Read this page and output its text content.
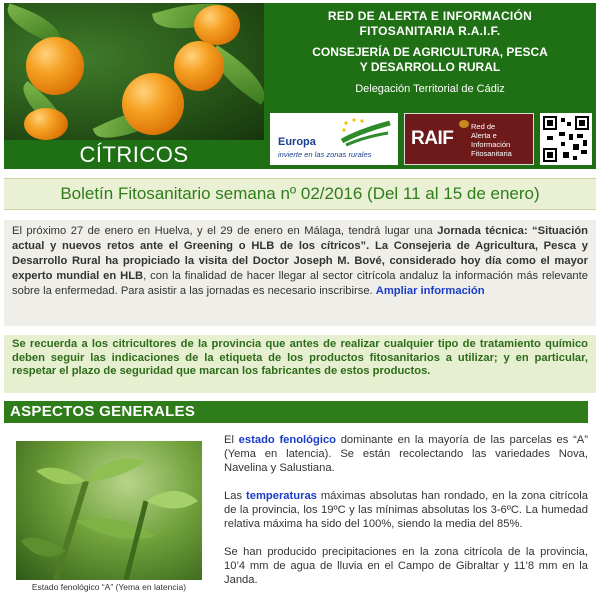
CÍTRICOS
RED DE ALERTA E INFORMACIÓN
FITOSANITARIA R.A.I.F.
CONSEJERÍA DE AGRICULTURA, PESCA
Y DESARROLLO RURAL
Delegación Territorial de Cádiz
Europa
invierte en las zonas rurales
RAIF
Red de
Alerta e
Información
Fitosanitaria
Boletín Fitosanitario semana nº 02/2016 (Del 11 al 15 de enero)

El próximo 27 de enero en Huelva, y el 29 de enero en Málaga, tendrá lugar una Jornada técnica: “Situación actual y nuevos retos ante el Greening o HLB de los cítricos”. La Consejeria de Agricultura, Pesca y Desarrollo Rural ha propiciado la visita del Doctor Joseph M. Bové, considerado hoy día como el mayor experto mundial en HLB, con la finalidad de hacer llegar al sector citrícola andaluz la información más relevante sobre la enfermedad. Para asistir a las jornadas es necesario inscribirse. Ampliar información

Se recuerda a los citricultores de la provincia que antes de realizar cualquier tipo de tratamiento químico deben seguir las indicaciones de la etiqueta de los productos fitosanitarios a utilizar; y en particular, respetar el plazo de seguridad que marcan los fabricantes de estos productos.

ASPECTOS GENERALES
Estado fenológico “A” (Yema en latencia)

El estado fenológico dominante en la mayoría de las parcelas es “A” (Yema en latencia). Se están recolectando las variedades Nova, Navelina y Salustiana.

Las temperaturas máximas absolutas han rondado, en la zona citrícola de la provincia, los 19ºC y las mínimas absolutas los 3-6ºC. La humedad relativa máxima ha sido del 100%, siendo la media del 85%.

Se han producido precipitaciones en la zona citrícola de la provincia, 10’4 mm de agua de lluvia en el Campo de Gibraltar y 11’8 mm en la Janda.
